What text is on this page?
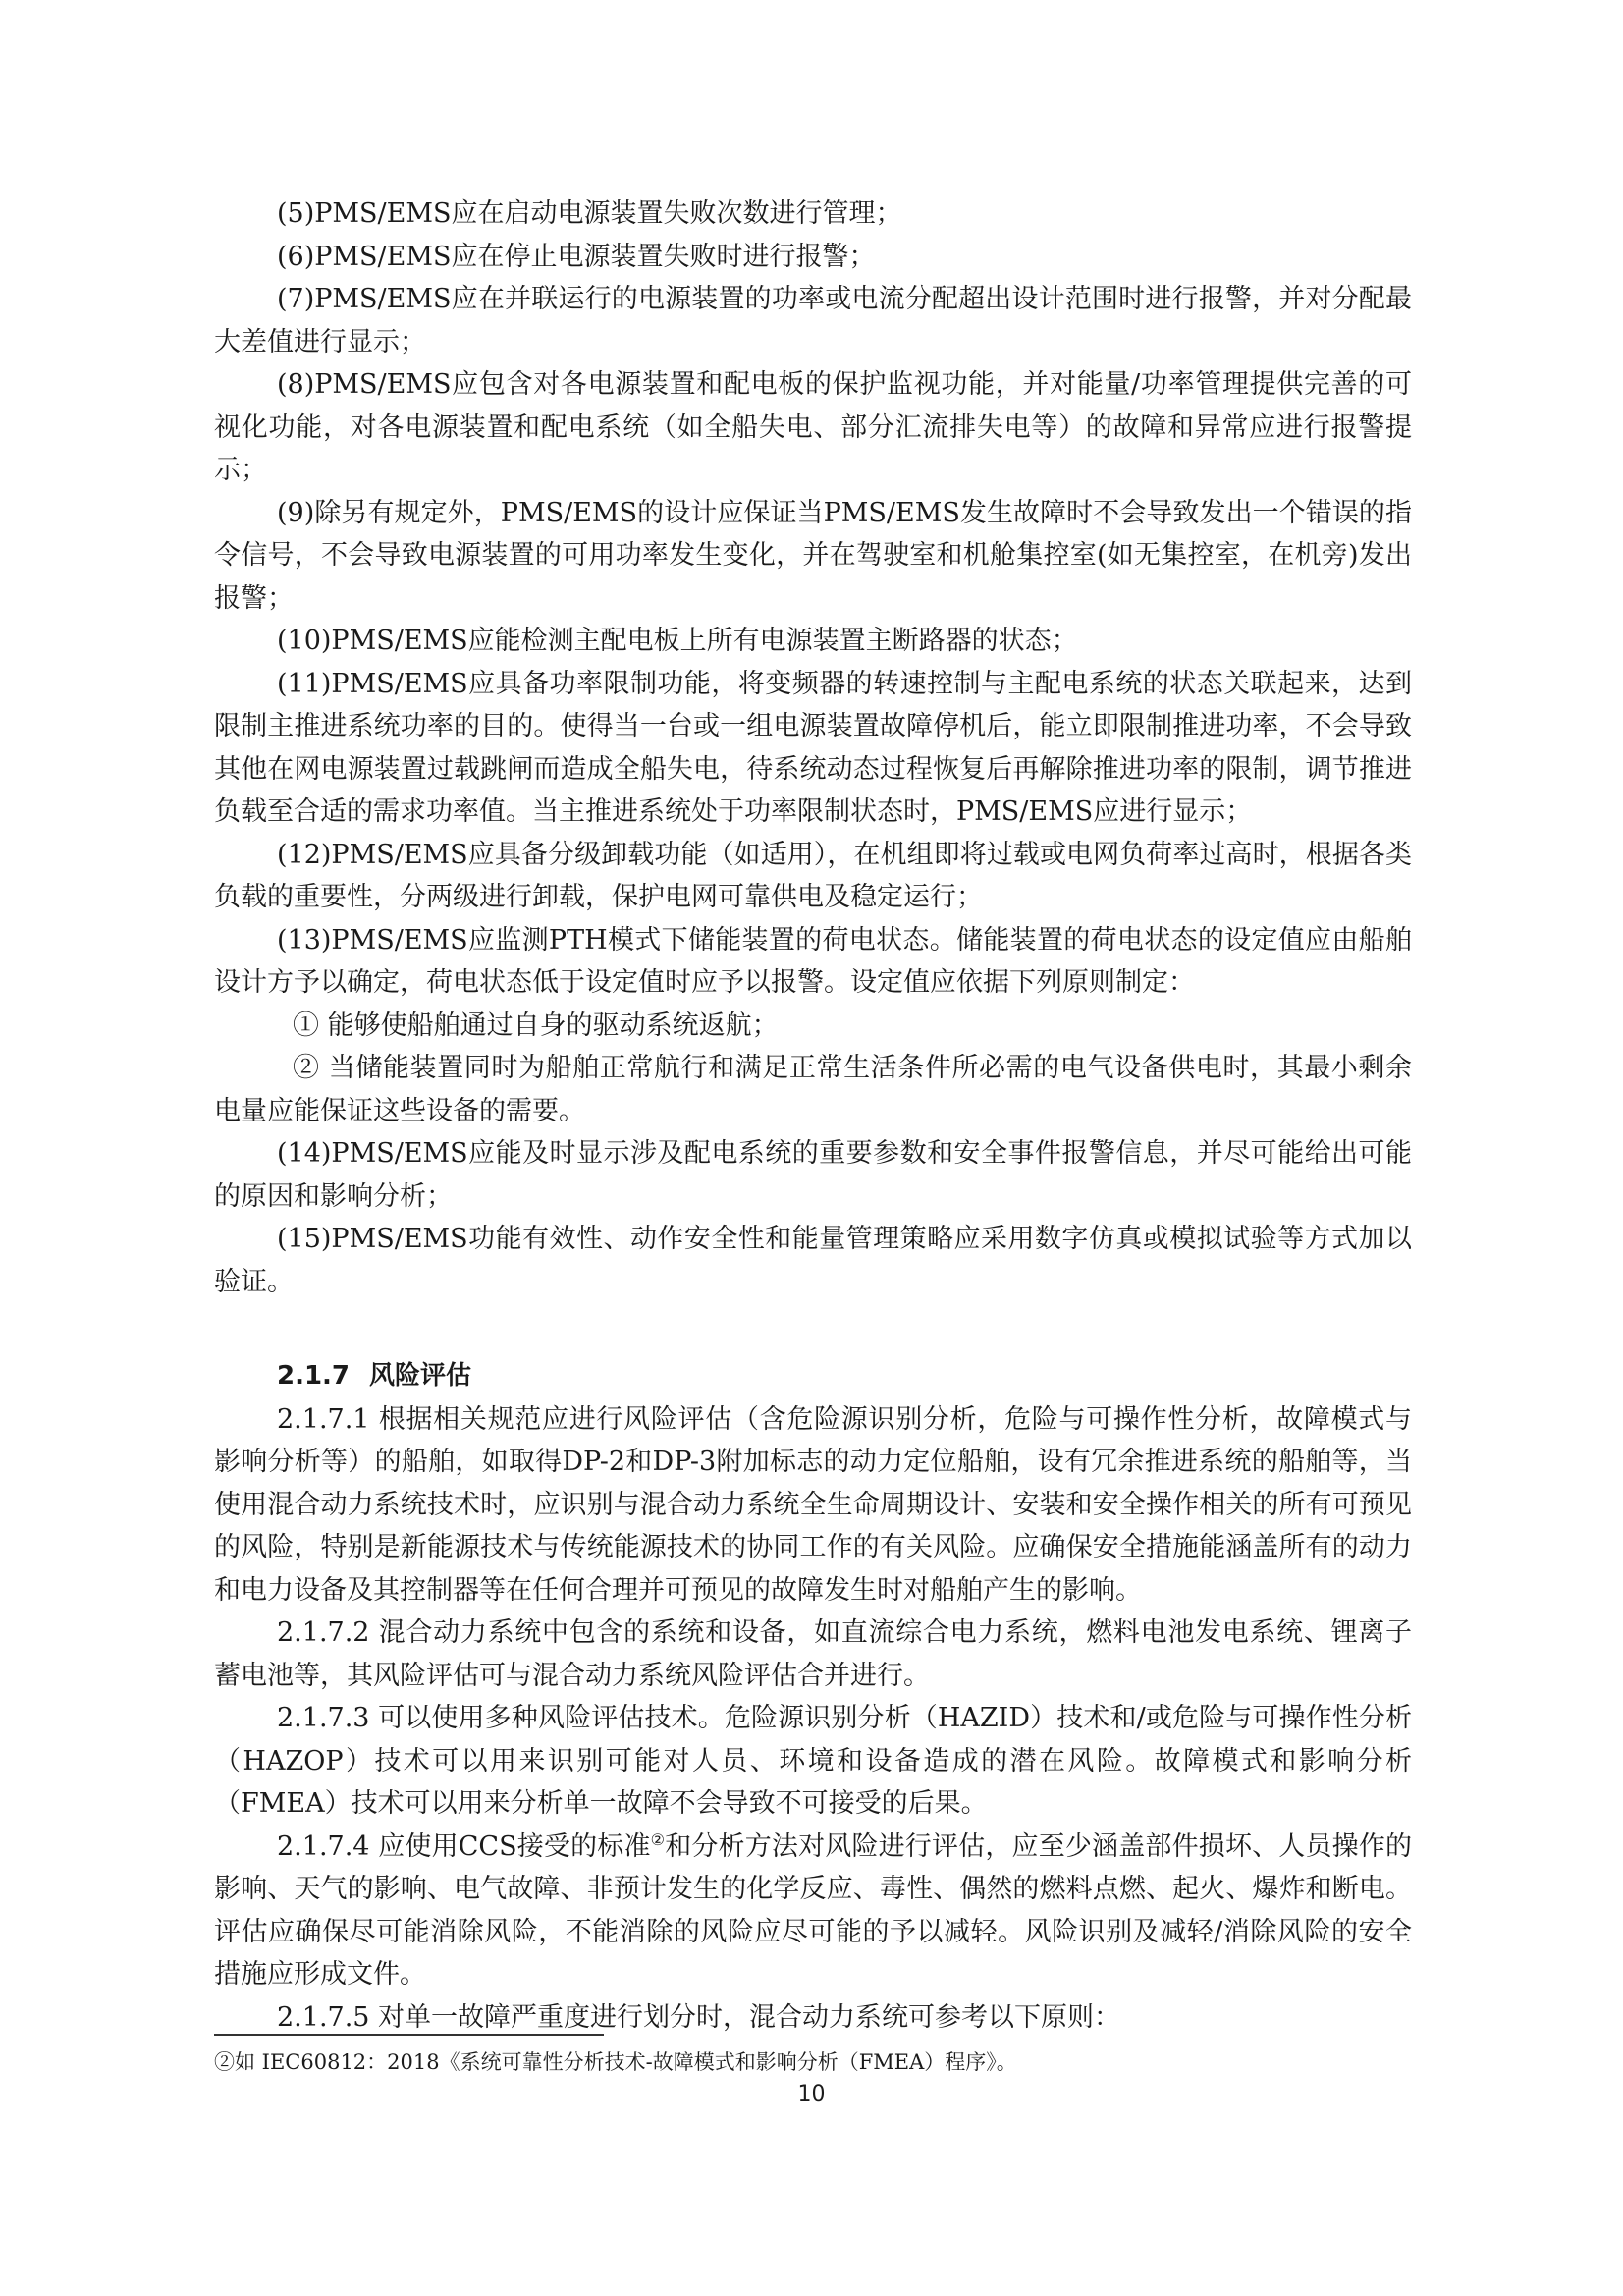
(5)PMS/EMS应在启动电源装置失败次数进行管理；

(6)PMS/EMS应在停止电源装置失败时进行报警；

(7)PMS/EMS应在并联运行的电源装置的功率或电流分配超出设计范围时进行报警，并对分配最大差值进行显示；

(8)PMS/EMS应包含对各电源装置和配电板的保护监视功能，并对能量/功率管理提供完善的可视化功能，对各电源装置和配电系统（如全船失电、部分汇流排失电等）的故障和异常应进行报警提示；

(9)除另有规定外，PMS/EMS的设计应保证当PMS/EMS发生故障时不会导致发出一个错误的指令信号，不会导致电源装置的可用功率发生变化，并在驾驶室和机舱集控室(如无集控室，在机旁)发出报警；

(10)PMS/EMS应能检测主配电板上所有电源装置主断路器的状态；

(11)PMS/EMS应具备功率限制功能，将变频器的转速控制与主配电系统的状态关联起来，达到限制主推进系统功率的目的。使得当一台或一组电源装置故障停机后，能立即限制推进功率，不会导致其他在网电源装置过载跳闸而造成全船失电，待系统动态过程恢复后再解除推进功率的限制，调节推进负载至合适的需求功率值。当主推进系统处于功率限制状态时，PMS/EMS应进行显示；

(12)PMS/EMS应具备分级卸载功能（如适用），在机组即将过载或电网负荷率过高时，根据各类负载的重要性，分两级进行卸载，保护电网可靠供电及稳定运行；

(13)PMS/EMS应监测PTH模式下储能装置的荷电状态。储能装置的荷电状态的设定值应由船舶设计方予以确定，荷电状态低于设定值时应予以报警。设定值应依据下列原则制定：

① 能够使船舶通过自身的驱动系统返航；

② 当储能装置同时为船舶正常航行和满足正常生活条件所必需的电气设备供电时，其最小剩余电量应能保证这些设备的需要。

(14)PMS/EMS应能及时显示涉及配电系统的重要参数和安全事件报警信息，并尽可能给出可能的原因和影响分析；

(15)PMS/EMS功能有效性、动作安全性和能量管理策略应采用数字仿真或模拟试验等方式加以验证。

2.1.7 风险评估

2.1.7.1 根据相关规范应进行风险评估（含危险源识别分析，危险与可操作性分析，故障模式与影响分析等）的船舶，如取得DP-2和DP-3附加标志的动力定位船舶，设有冗余推进系统的船舶等，当使用混合动力系统技术时，应识别与混合动力系统全生命周期设计、安装和安全操作相关的所有可预见的风险，特别是新能源技术与传统能源技术的协同工作的有关风险。应确保安全措施能涵盖所有的动力和电力设备及其控制器等在任何合理并可预见的故障发生时对船舶产生的影响。

2.1.7.2 混合动力系统中包含的系统和设备，如直流综合电力系统，燃料电池发电系统、锂离子蓄电池等，其风险评估可与混合动力系统风险评估合并进行。

2.1.7.3 可以使用多种风险评估技术。危险源识别分析（HAZID）技术和/或危险与可操作性分析（HAZOP）技术可以用来识别可能对人员、环境和设备造成的潜在风险。故障模式和影响分析（FMEA）技术可以用来分析单一故障不会导致不可接受的后果。

2.1.7.4 应使用CCS接受的标准②和分析方法对风险进行评估，应至少涵盖部件损坏、人员操作的影响、天气的影响、电气故障、非预计发生的化学反应、毒性、偶然的燃料点燃、起火、爆炸和断电。评估应确保尽可能消除风险，不能消除的风险应尽可能的予以减轻。风险识别及减轻/消除风险的安全措施应形成文件。

2.1.7.5 对单一故障严重度进行划分时，混合动力系统可参考以下原则：

②如 IEC60812：2018《系统可靠性分析技术-故障模式和影响分析（FMEA）程序》。
10
